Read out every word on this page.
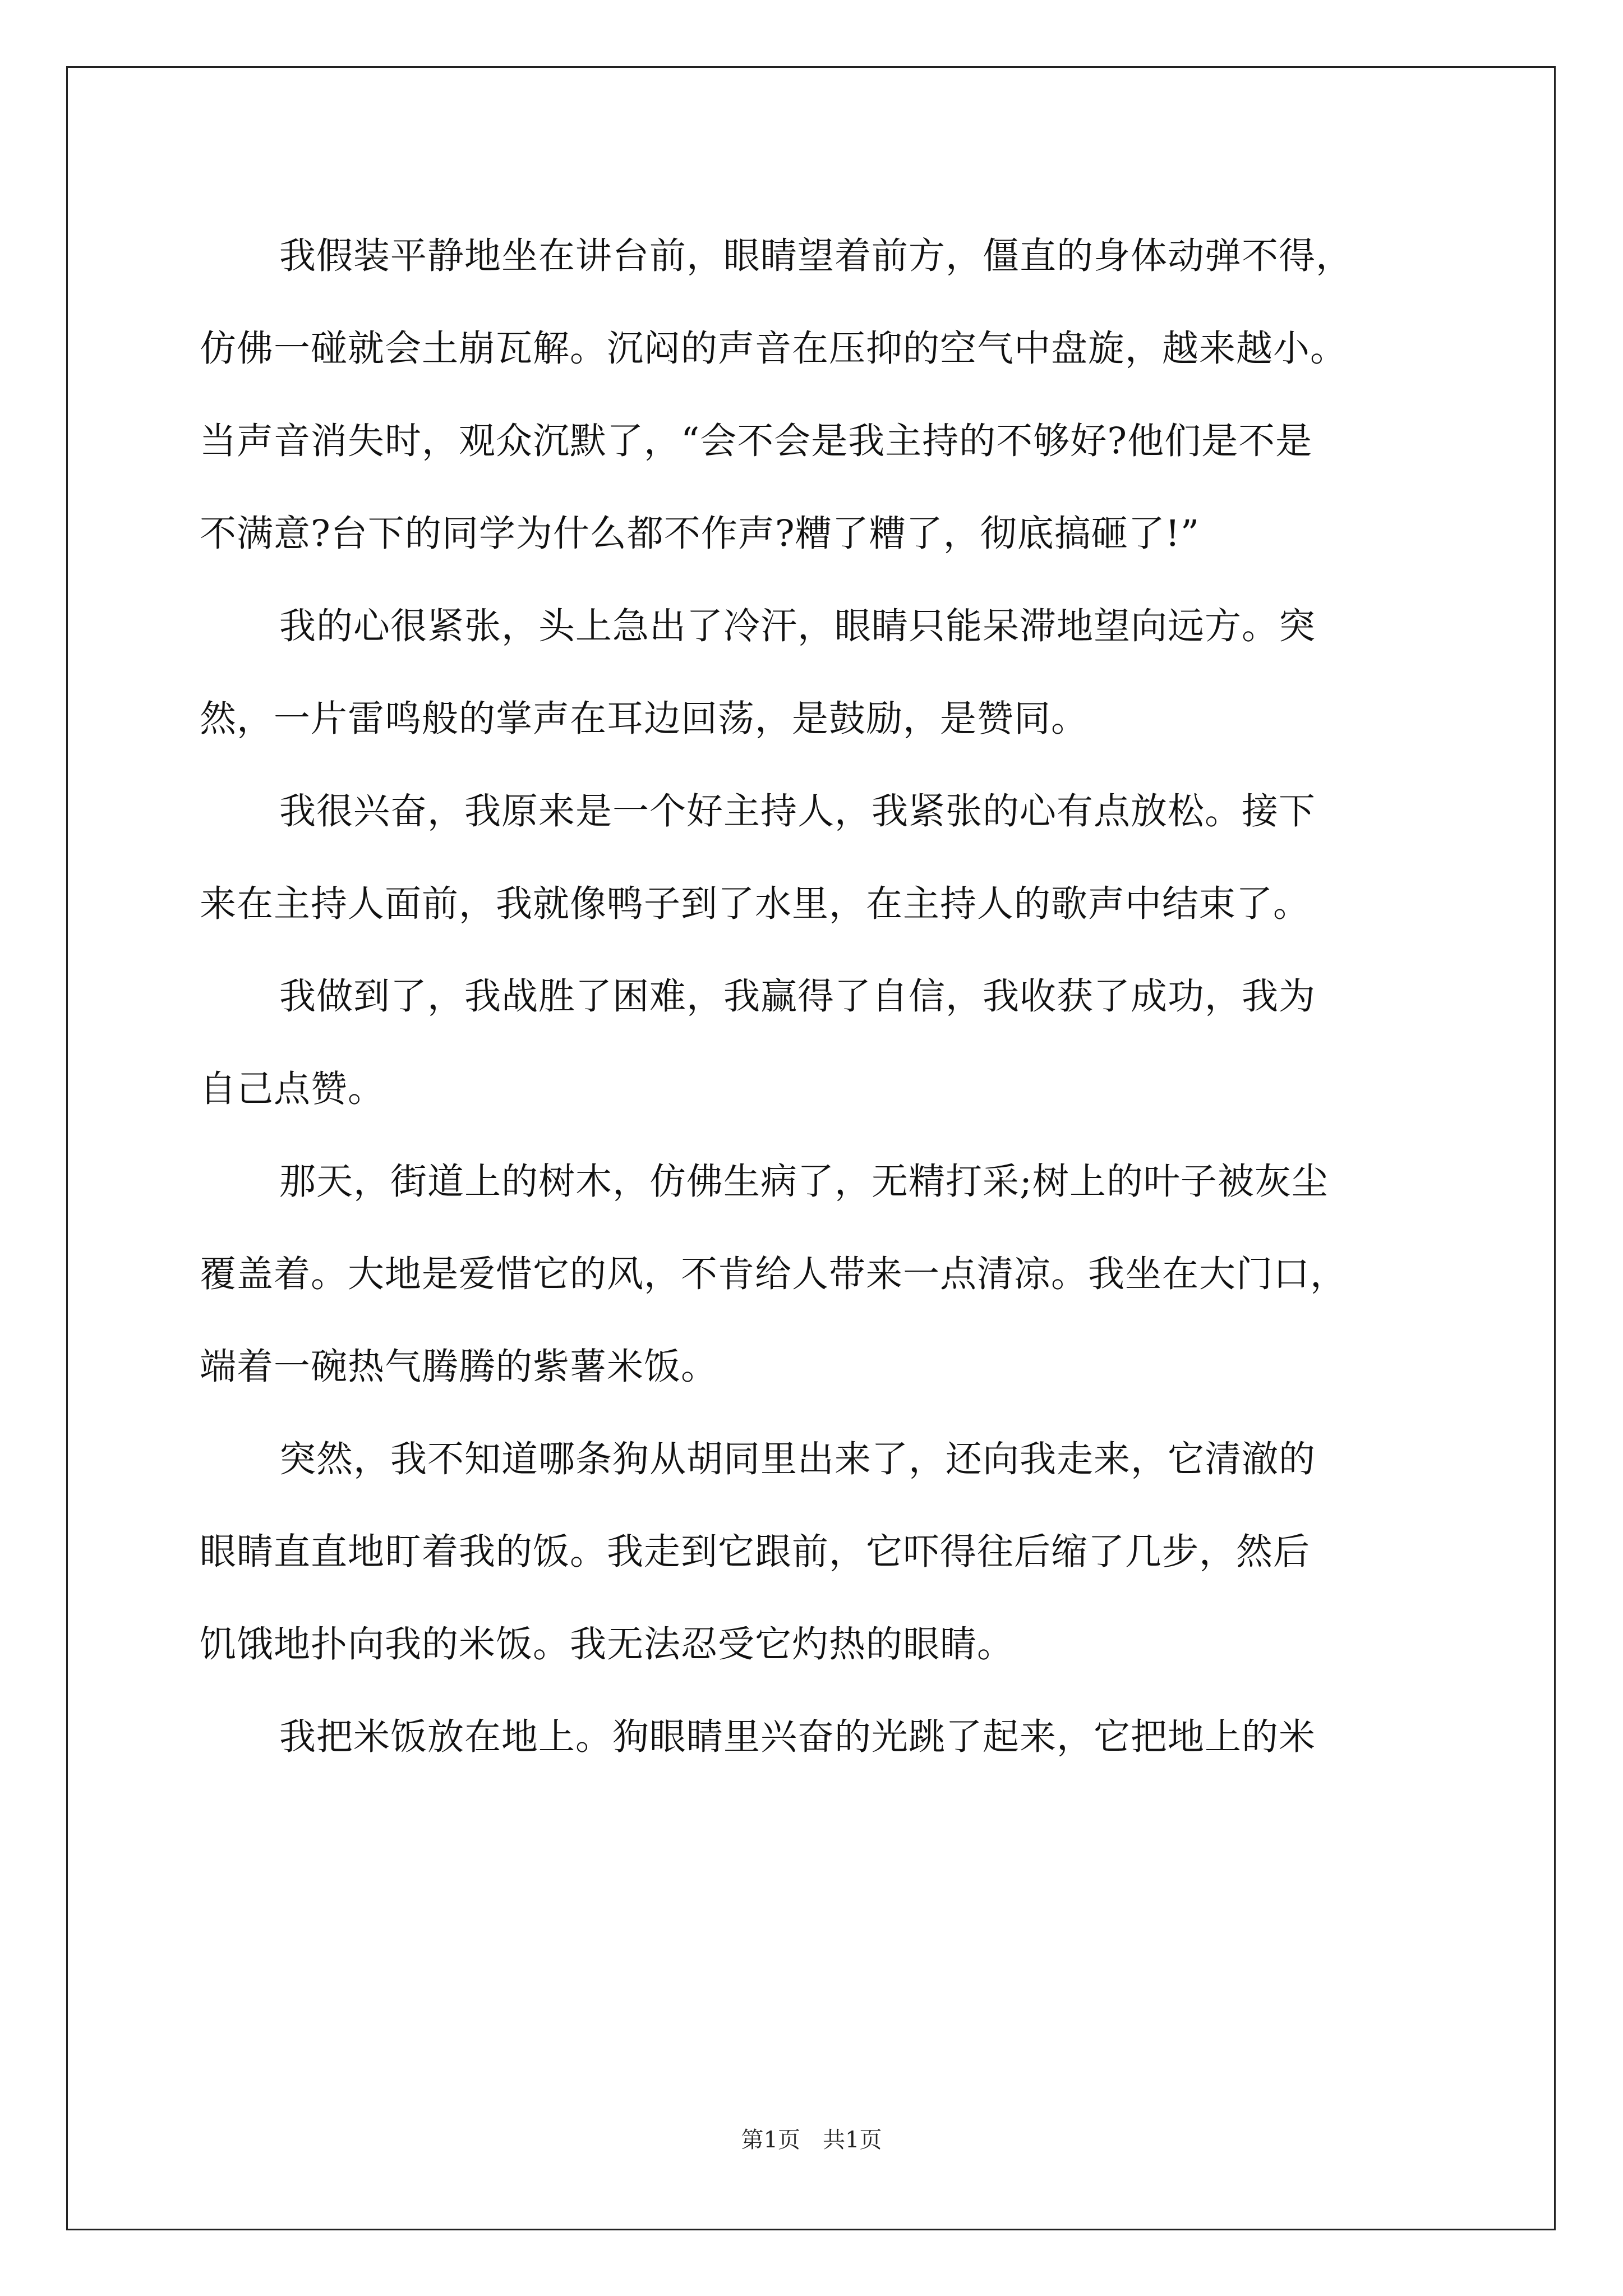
我假装平静地坐在讲台前，眼睛望着前方，僵直的身体动弹不得，
仿佛一碰就会土崩瓦解。沉闷的声音在压抑的空气中盘旋，越来越小。
当声音消失时，观众沉默了，“会不会是我主持的不够好?他们是不是
不满意?台下的同学为什么都不作声?糟了糟了，彻底搞砸了!”

我的心很紧张，头上急出了冷汗，眼睛只能呆滞地望向远方。突
然，一片雷鸣般的掌声在耳边回荡，是鼓励，是赞同。

我很兴奋，我原来是一个好主持人，我紧张的心有点放松。接下
来在主持人面前，我就像鸭子到了水里，在主持人的歌声中结束了。

我做到了，我战胜了困难，我赢得了自信，我收获了成功，我为
自己点赞。

那天，街道上的树木，仿佛生病了，无精打采;树上的叶子被灰尘
覆盖着。大地是爱惜它的风，不肯给人带来一点清凉。我坐在大门口，
端着一碗热气腾腾的紫薯米饭。

突然，我不知道哪条狗从胡同里出来了，还向我走来，它清澈的
眼睛直直地盯着我的饭。我走到它跟前，它吓得往后缩了几步，然后
饥饿地扑向我的米饭。我无法忍受它灼热的眼睛。

我把米饭放在地上。狗眼睛里兴奋的光跳了起来，它把地上的米

第1页　共1页
